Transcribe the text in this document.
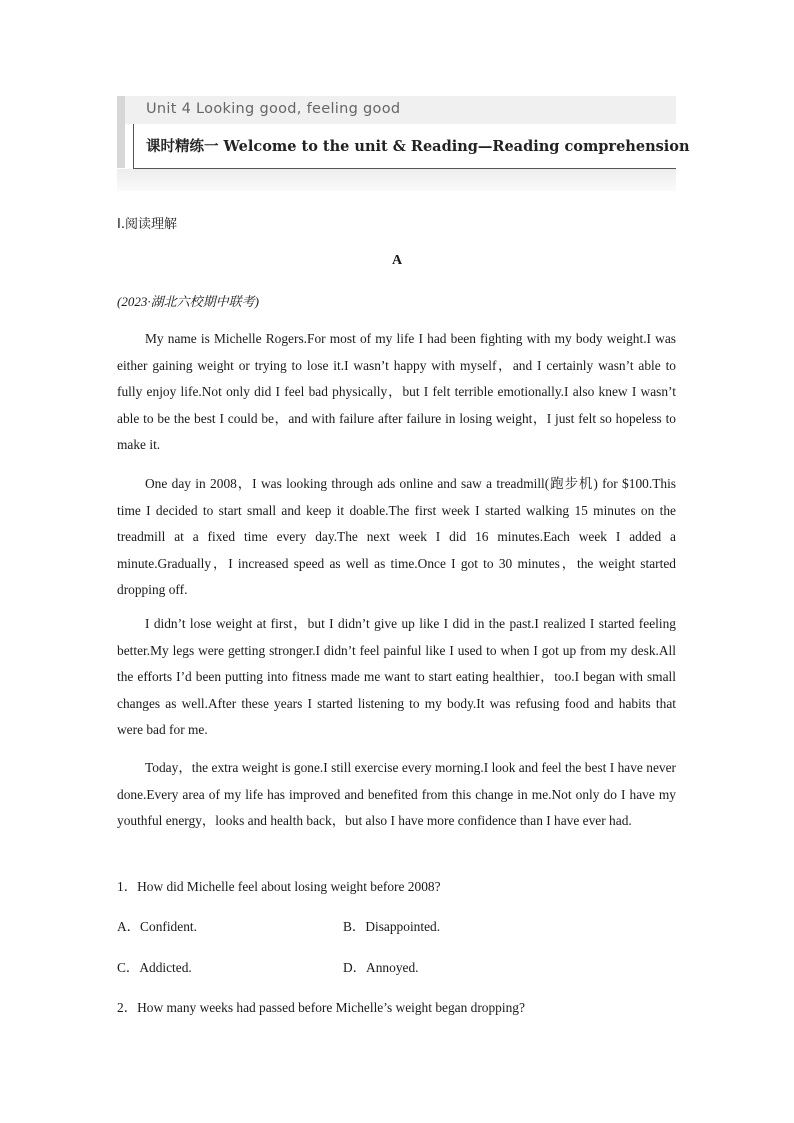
Unit 4 Looking good, feeling good
课时精练一 Welcome to the unit & Reading—Reading comprehension
Ⅰ.阅读理解
A
(2023·湖北六校期中联考)

My name is Michelle Rogers.For most of my life I had been fighting with my body weight.I was either gaining weight or trying to lose it.I wasn’t happy with myself，and I certainly wasn’t able to fully enjoy life.Not only did I feel bad physically，but I felt terrible emotionally.I also knew I wasn’t able to be the best I could be，and with failure after failure in losing weight，I just felt so hopeless to make it.

One day in 2008，I was looking through ads online and saw a treadmill(跑步机) for $100.This time I decided to start small and keep it doable.The first week I started walking 15 minutes on the treadmill at a fixed time every day.The next week I did 16 minutes.Each week I added a minute.Gradually，I increased speed as well as time.Once I got to 30 minutes，the weight started dropping off.

I didn’t lose weight at first，but I didn’t give up like I did in the past.I realized I started feeling better.My legs were getting stronger.I didn’t feel painful like I used to when I got up from my desk.All the efforts I’d been putting into fitness made me want to start eating healthier，too.I began with small changes as well.After these years I started listening to my body.It was refusing food and habits that were bad for me.

Today，the extra weight is gone.I still exercise every morning.I look and feel the best I have never done.Every area of my life has improved and benefited from this change in me.Not only do I have my youthful energy，looks and health back，but also I have more confidence than I have ever had.

1．How did Michelle feel about losing weight before 2008?
A．Confident.	B．Disappointed.
C．Addicted.	D．Annoyed.
2．How many weeks had passed before Michelle’s weight began dropping?
